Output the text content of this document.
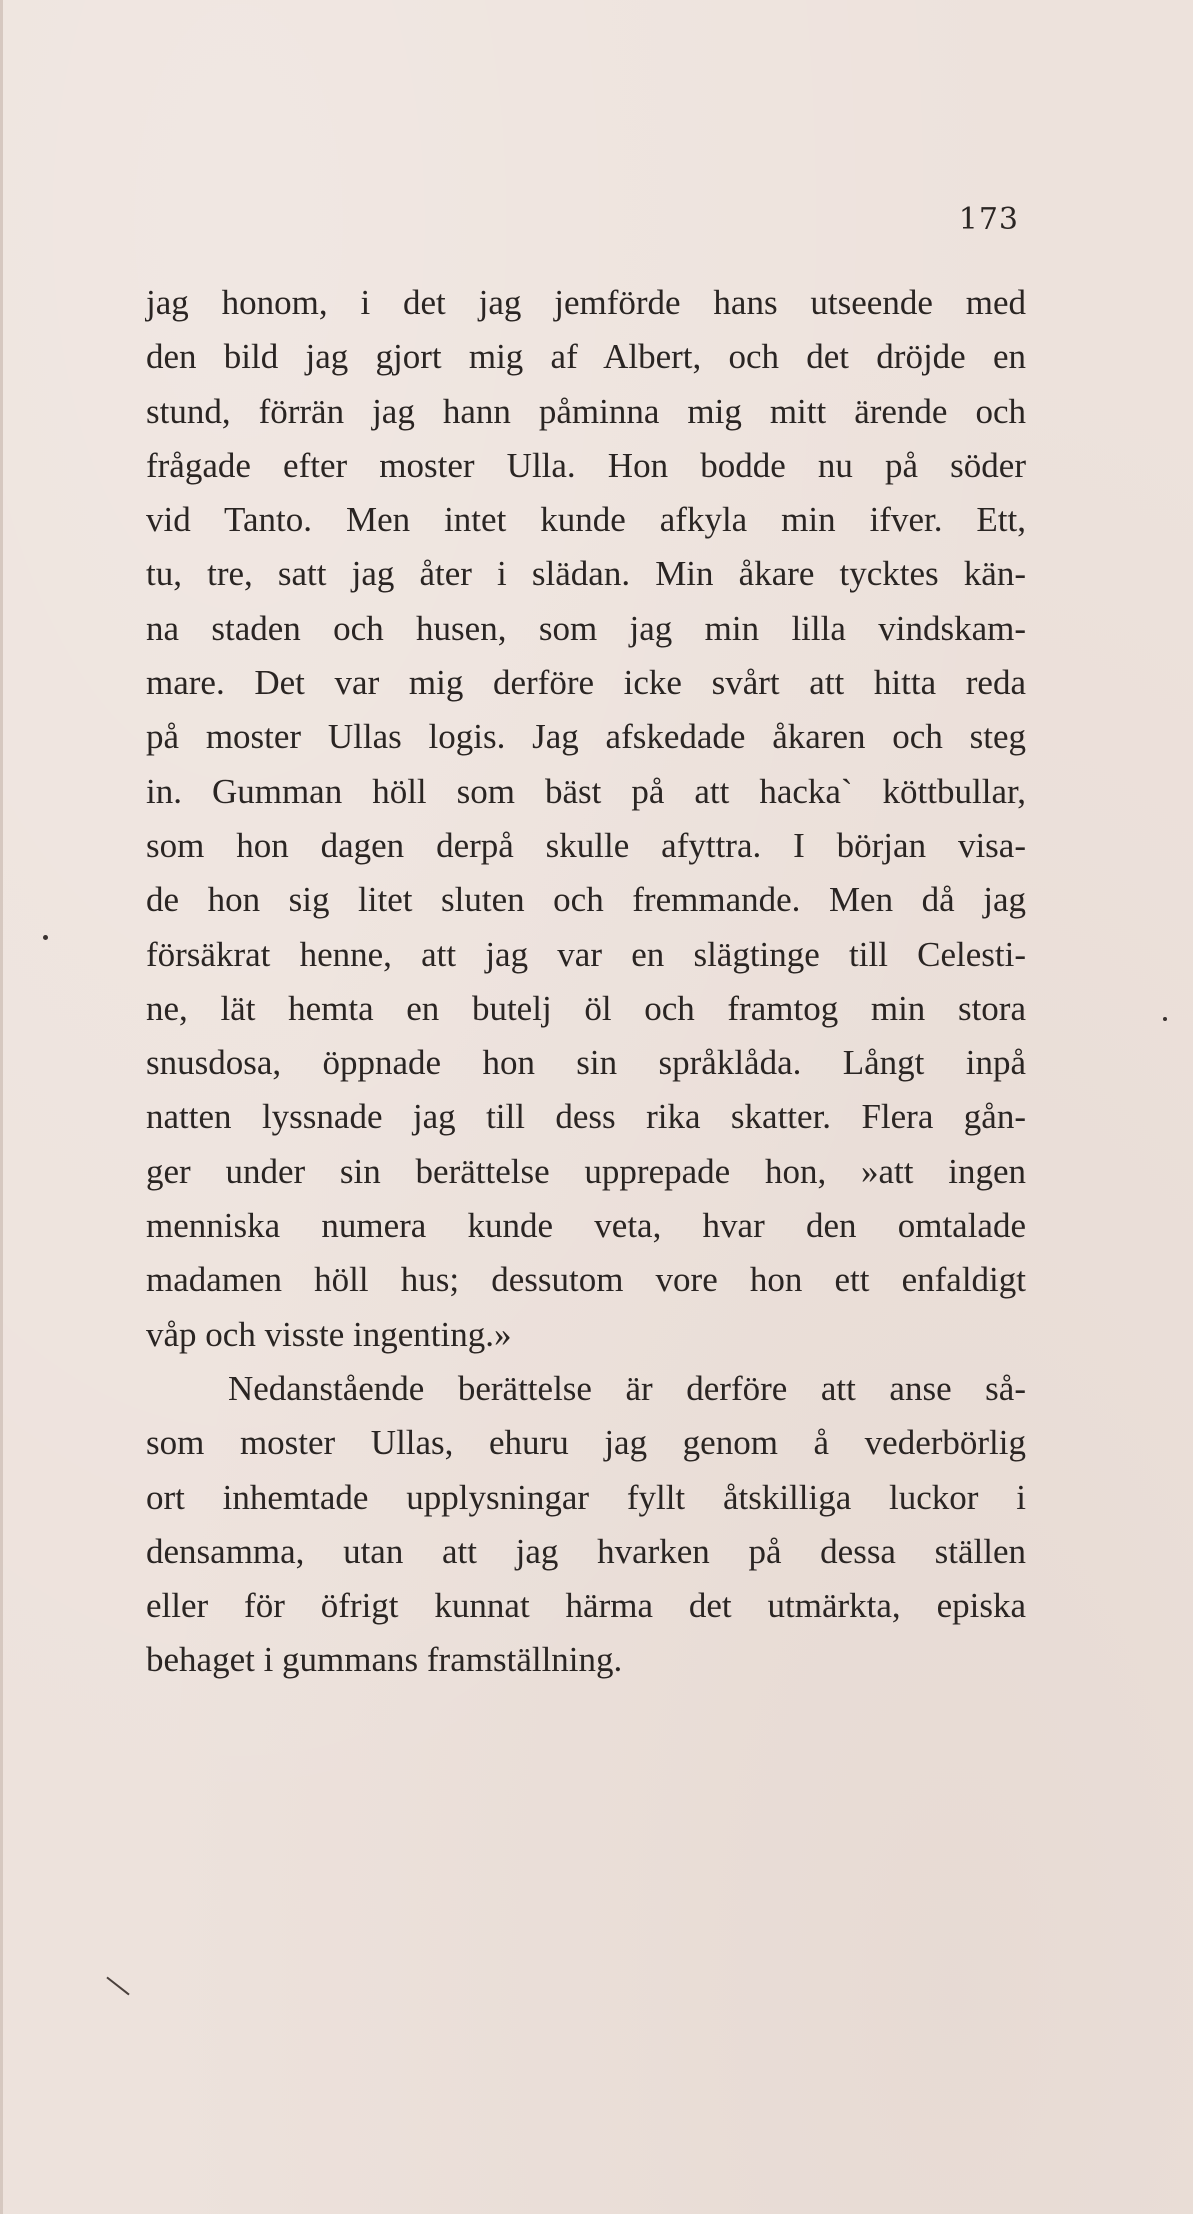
173
jag honom, i det jag jemförde hans utseende med
den bild jag gjort mig af Albert, och det dröjde en
stund, förrän jag hann påminna mig mitt ärende och
frågade efter moster Ulla. Hon bodde nu på söder
vid Tanto. Men intet kunde afkyla min ifver. Ett,
tu, tre, satt jag åter i slädan. Min åkare tycktes kän-
na staden och husen, som jag min lilla vindskam-
mare. Det var mig derföre icke svårt att hitta reda
på moster Ullas logis. Jag afskedade åkaren och steg
in. Gumman höll som bäst på att hacka` köttbullar,
som hon dagen derpå skulle afyttra. I början visa-
de hon sig litet sluten och fremmande. Men då jag
försäkrat henne, att jag var en slägtinge till Celesti-
ne, lät hemta en butelj öl och framtog min stora
snusdosa, öppnade hon sin språklåda. Långt inpå
natten lyssnade jag till dess rika skatter. Flera gån-
ger under sin berättelse upprepade hon, »att ingen
menniska numera kunde veta, hvar den omtalade
madamen höll hus; dessutom vore hon ett enfaldigt
våp och visste ingenting.»
Nedanstående berättelse är derföre att anse så-
som moster Ullas, ehuru jag genom å vederbörlig
ort inhemtade upplysningar fyllt åtskilliga luckor i
densamma, utan att jag hvarken på dessa ställen
eller för öfrigt kunnat härma det utmärkta, episka
behaget i gummans framställning.
